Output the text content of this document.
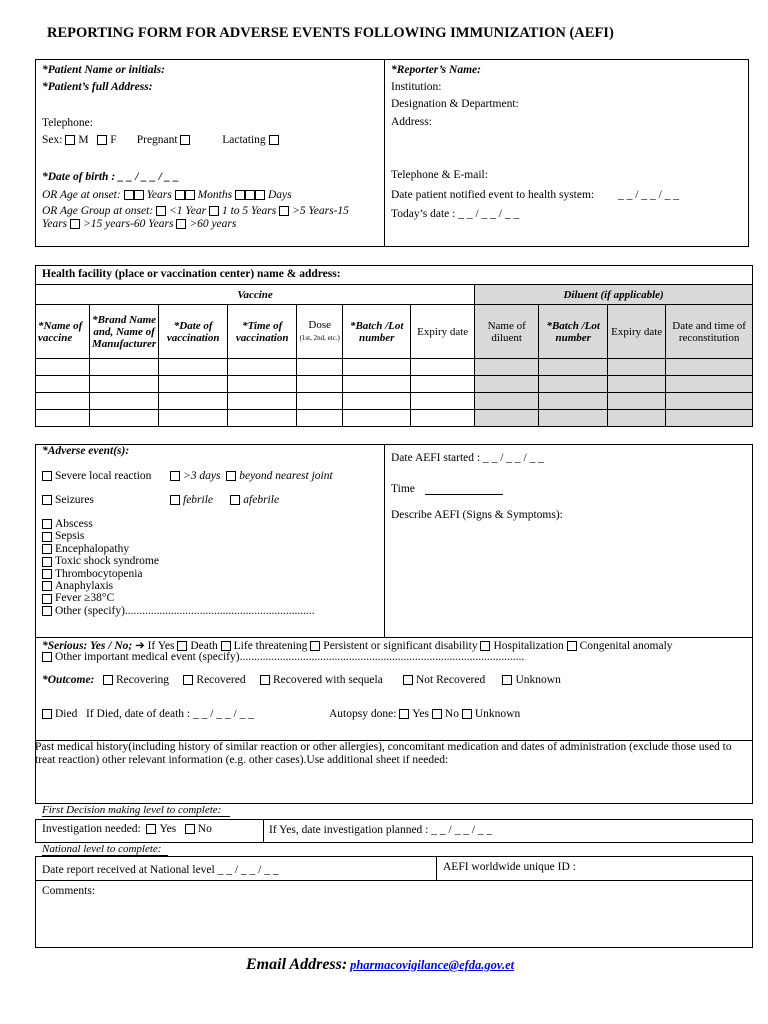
REPORTING FORM FOR ADVERSE EVENTS FOLLOWING IMMUNIZATION (AEFI)
*Patient Name or initials:
*Patient’s full Address:
Telephone:
Sex: M F Pregnant	Lactating
*Date of birth : _ _ / _ _ / _ _
OR Age at onset: Years Months	Days
OR Age Group at onset: <1 Year 1 to 5 Years >5 Years-15
Years >15 years-60 Years >60 years
*Reporter’s Name:
Institution:
Designation & Department:
Address:
Telephone & E-mail:
Date patient notified event to health system: _ _ / _ _ / _ _
Today’s date : _ _ / _ _ / _ _
Health facility (place or vaccination center) name & address:
Vaccine							Diluent (if applicable)			
*Name of vaccine	*Brand Name and, Name of Manufacturer	*Date of vaccination	*Time of vaccination	Dose
(1st, 2nd, etc.)	*Batch /Lot number	Expiry date	Name of diluent	*Batch /Lot number	Expiry date	Date and time of reconstitution

*Adverse event(s):
Severe local reaction	>3 days beyond nearest joint
Seizures	febrile	afebrile
Abscess
Sepsis
Encephalopathy
Toxic shock syndrome
Thrombocytopenia
Anaphylaxis
Fever ≥38°C
Other (specify)..................................................................
Date AEFI started : _ _ / _ _ / _ _
Time
Describe AEFI (Signs & Symptoms):
*Serious: Yes / No; ➔ If Yes Death Life threatening Persistent or significant disability Hospitalization Congenital anomaly
Other important medical event (specify)...................................................................................................
*Outcome: Recovering Recovered Recovered with sequela	Not Recovered	Unknown
Died If Died, date of death : _ _ / _ _ / _ _	Autopsy done: Yes No Unknown
Past medical history(including history of similar reaction or other allergies), concomitant medication and dates of administration (exclude those used to treat reaction) other relevant information (e.g. other cases).Use additional sheet if needed:
First Decision making level to complete:
Investigation needed: Yes No	If Yes, date investigation planned : _ _ / _ _ / _ _
National level to complete:
Date report received at National level _ _ / _ _ / _ _	AEFI worldwide unique ID :
Comments:
Email Address: pharmacovigilance@efda.gov.et
